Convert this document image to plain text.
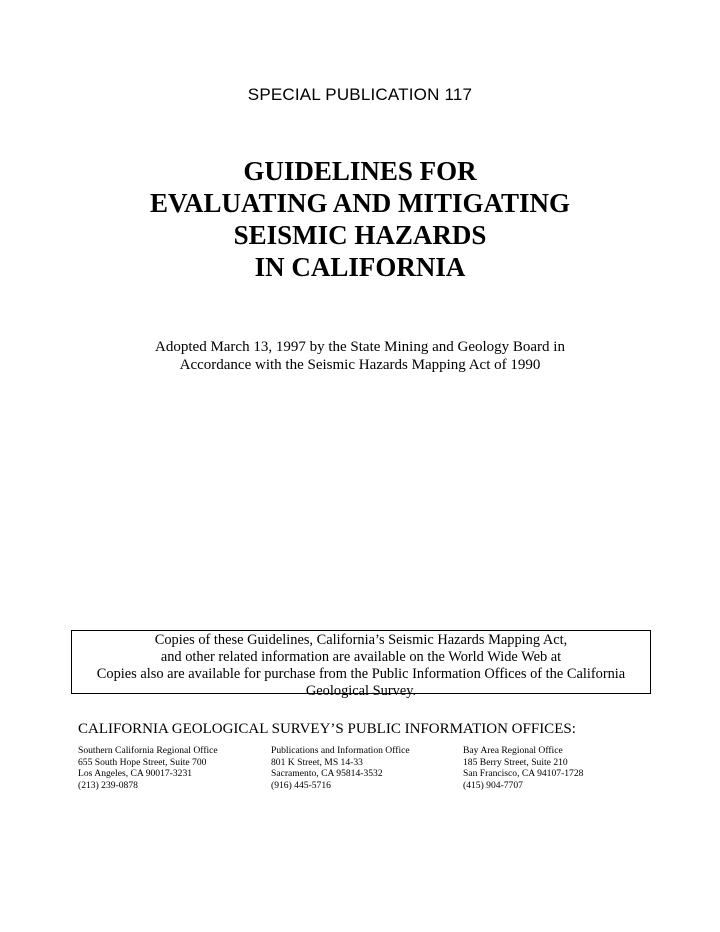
SPECIAL PUBLICATION 117
GUIDELINES FOR
EVALUATING AND MITIGATING
SEISMIC HAZARDS
IN CALIFORNIA
Adopted March 13, 1997 by the State Mining and Geology Board in
Accordance with the Seismic Hazards Mapping Act of 1990
Copies of these Guidelines, California’s Seismic Hazards Mapping Act,
and other related information are available on the World Wide Web at
Copies also are available for purchase from the Public Information Offices of the California
Geological Survey.
CALIFORNIA GEOLOGICAL SURVEY’S PUBLIC INFORMATION OFFICES:
Southern California Regional Office
655 South Hope Street, Suite 700
Los Angeles, CA 90017-3231
(213) 239-0878
Publications and Information Office
801 K Street, MS 14-33
Sacramento, CA 95814-3532
(916) 445-5716
Bay Area Regional Office
185 Berry Street, Suite 210
San Francisco, CA 94107-1728
(415) 904-7707
